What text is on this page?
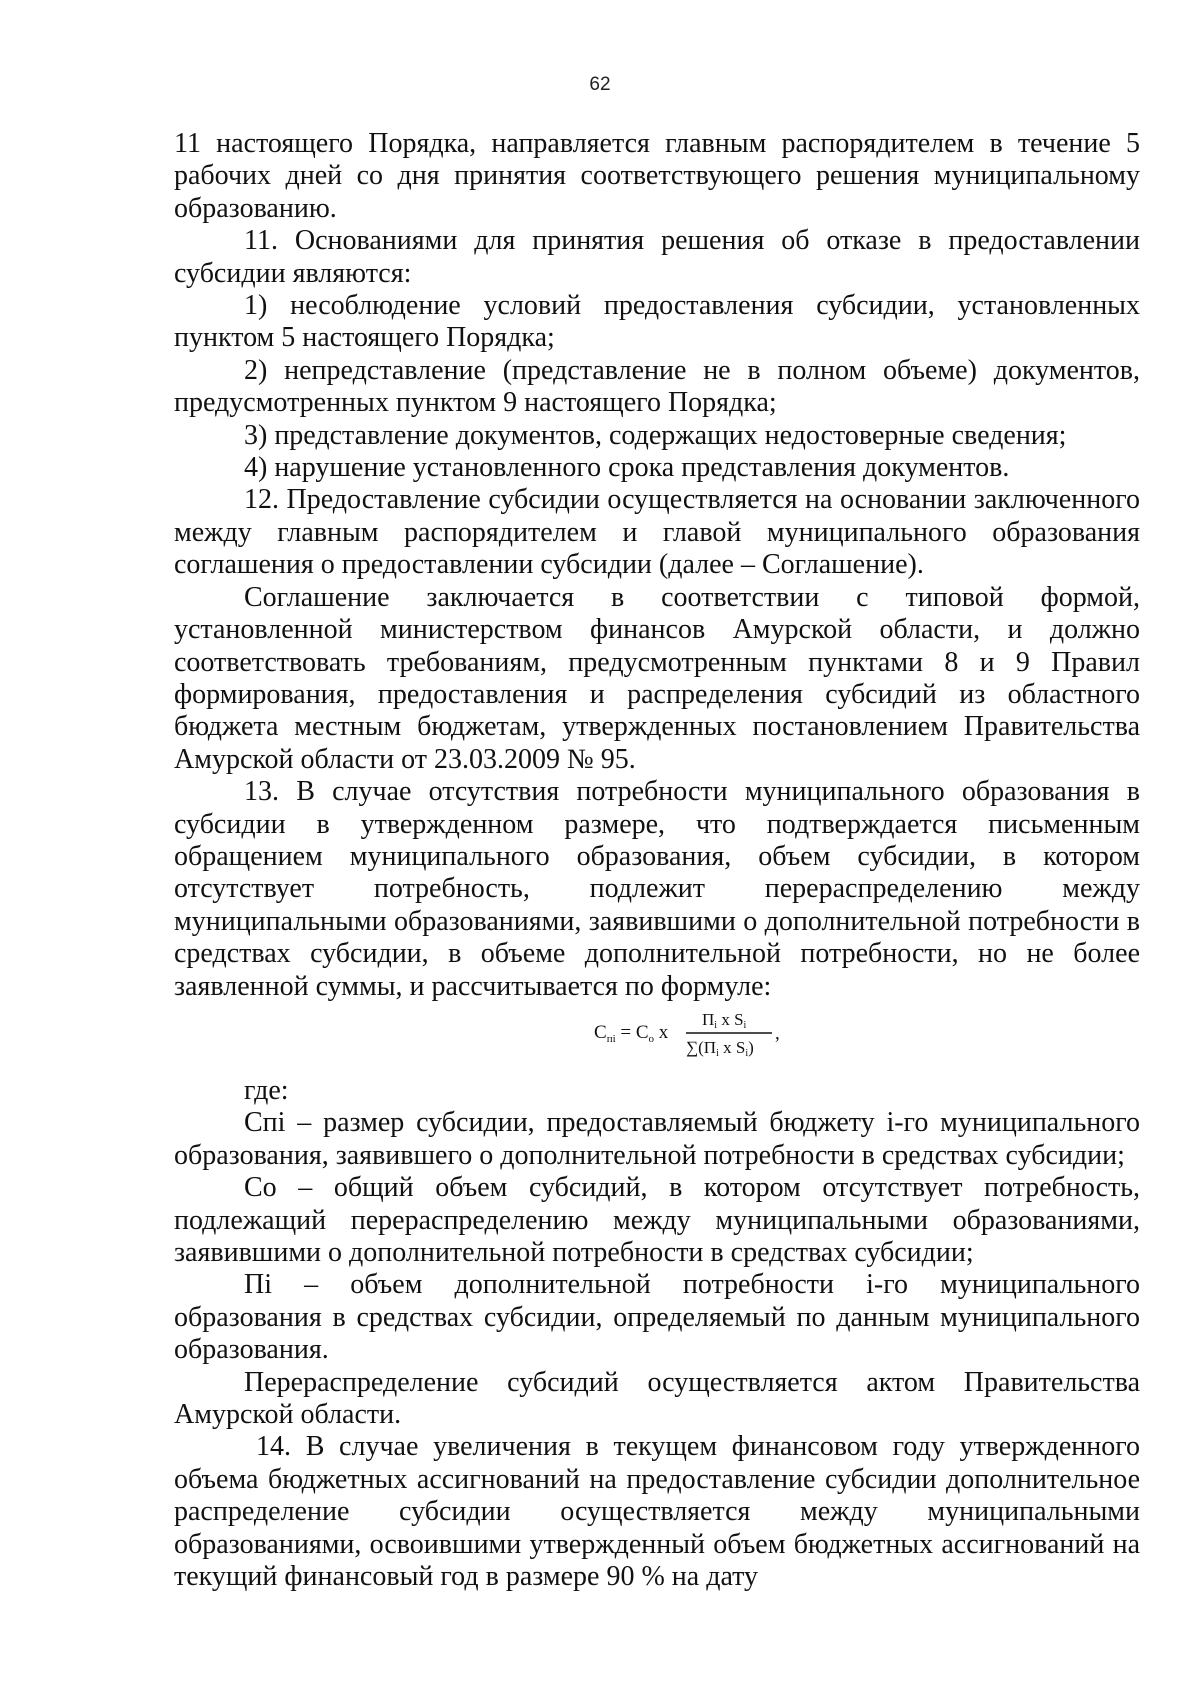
62

11 настоящего Порядка, направляется главным распорядителем в течение 5 рабочих дней со дня принятия соответствующего решения муниципальному образованию.

11. Основаниями для принятия решения об отказе в предоставлении субсидии являются:

1) несоблюдение условий предоставления субсидии, установленных пунктом 5 настоящего Порядка;

2) непредставление (представление не в полном объеме) документов, предусмотренных пунктом 9 настоящего Порядка;

3) представление документов, содержащих недостоверные сведения;

4) нарушение установленного срока представления документов.

12. Предоставление субсидии осуществляется на основании заключенного между главным распорядителем и главой муниципального образования соглашения о предоставлении субсидии (далее – Соглашение).

Соглашение заключается в соответствии с типовой формой, установленной министерством финансов Амурской области, и должно соответствовать требованиям, предусмотренным пунктами 8 и 9 Правил формирования, предоставления и распределения субсидий из областного бюджета местным бюджетам, утвержденных постановлением Правительства Амурской области от 23.03.2009 № 95.

13. В случае отсутствия потребности муниципального образования в субсидии в утвержденном размере, что подтверждается письменным обращением муниципального образования, объем субсидии, в котором отсутствует потребность, подлежит перераспределению между муниципальными образованиями, заявившими о дополнительной потребности в средствах субсидии, в объеме дополнительной потребности, но не более заявленной суммы, и рассчитывается по формуле:

$C_{пi} = C_o$ x
Пi x Si
∑(Пi x Si)
,

где:

Cпi – размер субсидии, предоставляемый бюджету i-го муниципального образования, заявившего о дополнительной потребности в средствах субсидии;

Cо – общий объем субсидий, в котором отсутствует потребность, подлежащий перераспределению между муниципальными образованиями, заявившими о дополнительной потребности в средствах субсидии;

Пi – объем дополнительной потребности i-го муниципального образования в средствах субсидии, определяемый по данным муниципального образования.

Перераспределение субсидий осуществляется актом Правительства Амурской области.

14. В случае увеличения в текущем финансовом году утвержденного объема бюджетных ассигнований на предоставление субсидии дополнительное распределение субсидии осуществляется между муниципальными образованиями, освоившими утвержденный объем бюджетных ассигнований на текущий финансовый год в размере 90 % на дату
